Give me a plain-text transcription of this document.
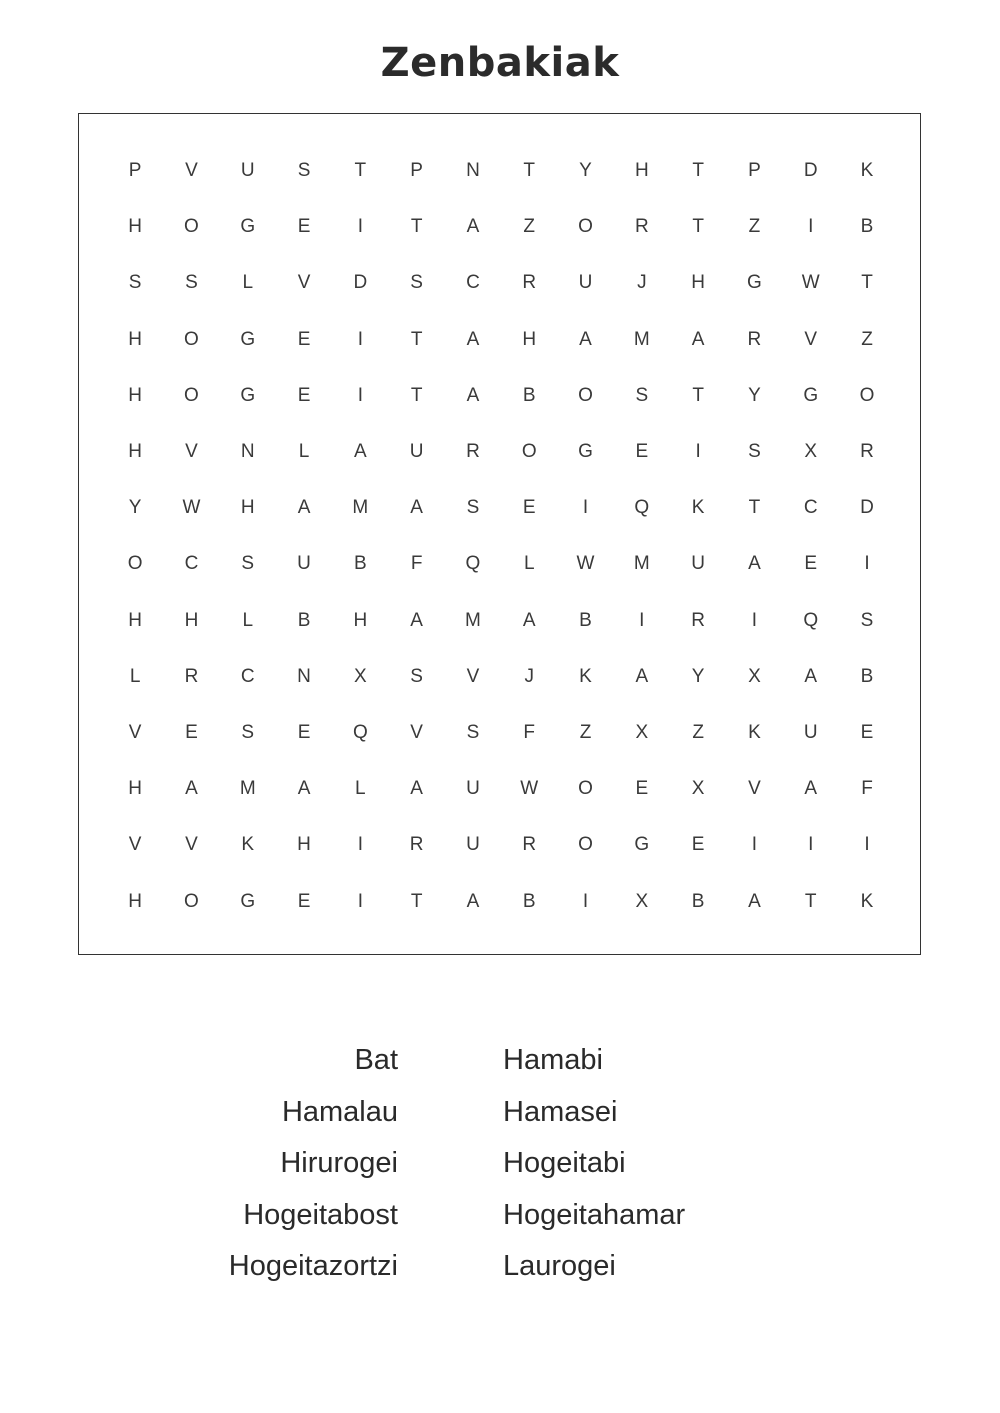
Zenbakiak
P	V	U	S	T	P	N	T	Y	H	T	P	D	K
H	O	G	E	I	T	A	Z	O	R	T	Z	I	B
S	S	L	V	D	S	C	R	U	J	H	G	W	T
H	O	G	E	I	T	A	H	A	M	A	R	V	Z
H	O	G	E	I	T	A	B	O	S	T	Y	G	O
H	V	N	L	A	U	R	O	G	E	I	S	X	R
Y	W	H	A	M	A	S	E	I	Q	K	T	C	D
O	C	S	U	B	F	Q	L	W	M	U	A	E	I
H	H	L	B	H	A	M	A	B	I	R	I	Q	S
L	R	C	N	X	S	V	J	K	A	Y	X	A	B
V	E	S	E	Q	V	S	F	Z	X	Z	K	U	E
H	A	M	A	L	A	U	W	O	E	X	V	A	F
V	V	K	H	I	R	U	R	O	G	E	I	I	I
H	O	G	E	I	T	A	B	I	X	B	A	T	K
Bat
Hamalau
Hirurogei
Hogeitabost
Hogeitazortzi
Hamabi
Hamasei
Hogeitabi
Hogeitahamar
Laurogei
